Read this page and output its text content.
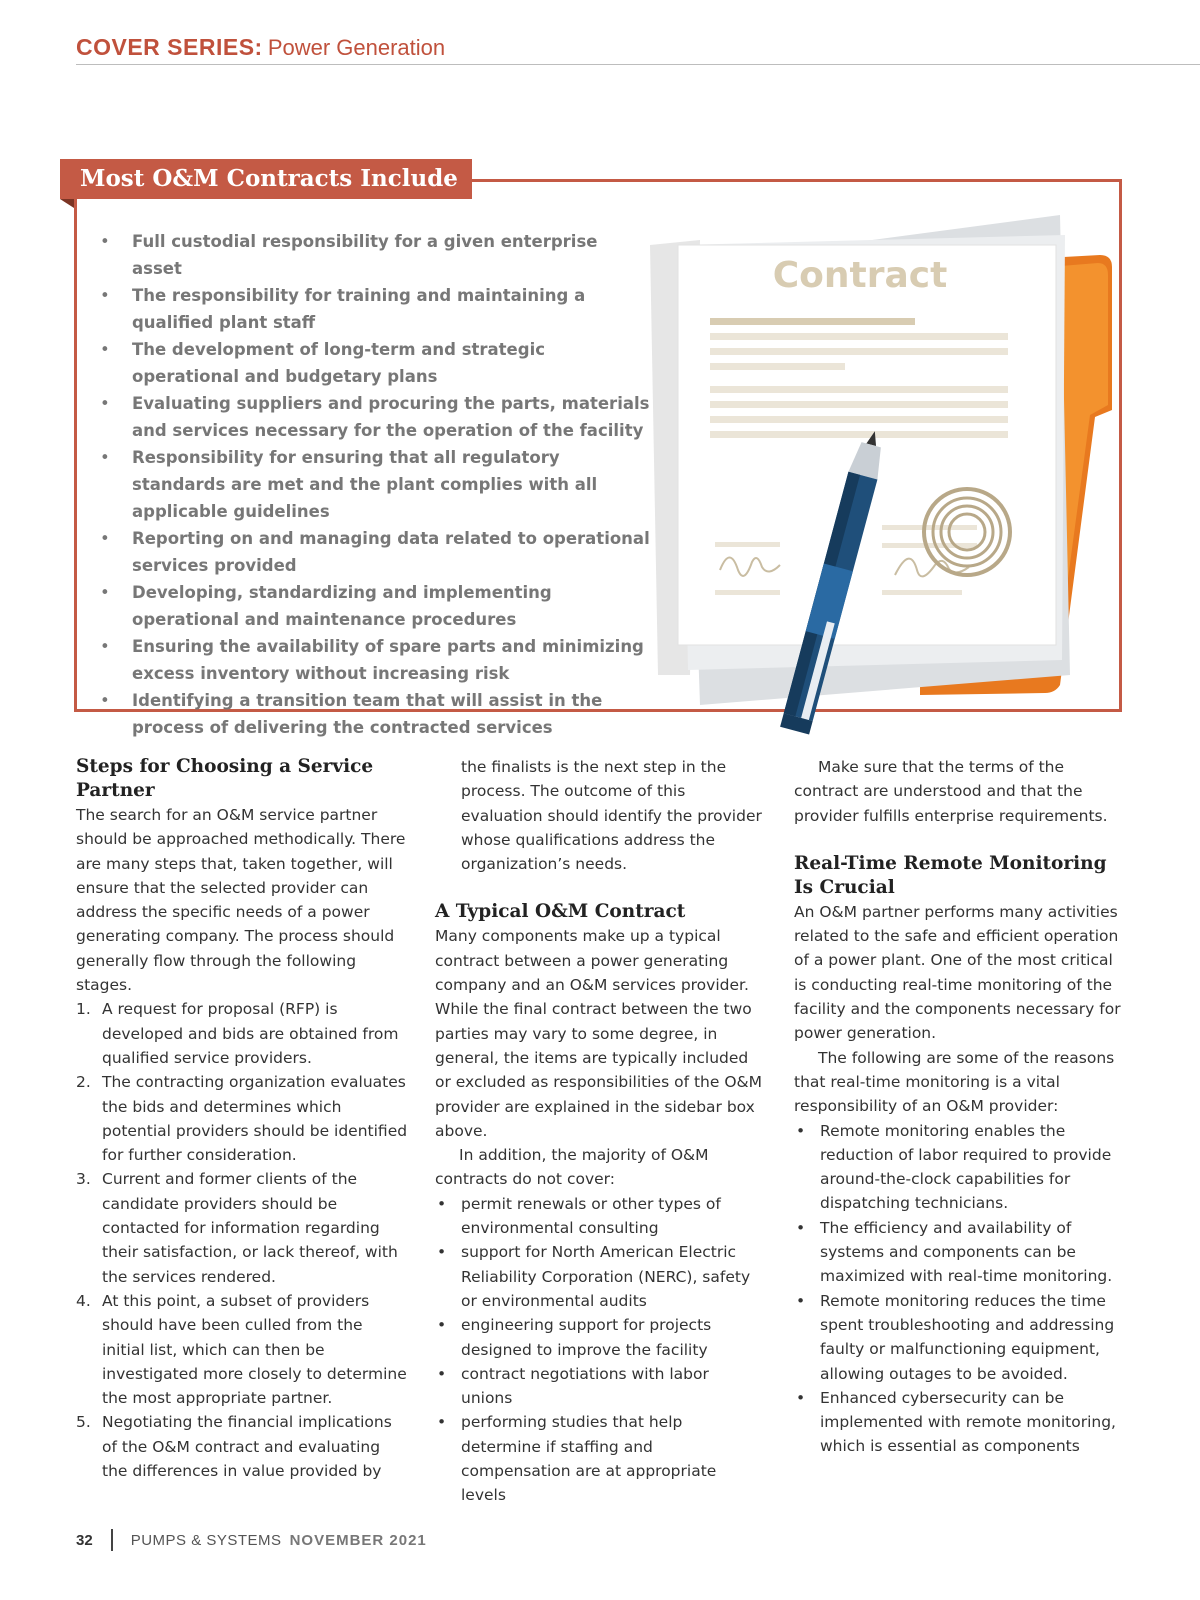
COVER SERIES: Power Generation
Most O&M Contracts Include
• Full custodial responsibility for a given enterprise asset
• The responsibility for training and maintaining a qualified plant staff
• The development of long-term and strategic operational and budgetary plans
• Evaluating suppliers and procuring the parts, materials and services necessary for the operation of the facility
• Responsibility for ensuring that all regulatory standards are met and the plant complies with all applicable guidelines
• Reporting on and managing data related to operational services provided
• Developing, standardizing and implementing operational and maintenance procedures
• Ensuring the availability of spare parts and minimizing excess inventory without increasing risk
• Identifying a transition team that will assist in the process of delivering the contracted services
Contract
Steps for Choosing a Service Partner

The search for an O&M service partner should be approached methodically. There are many steps that, taken together, will ensure that the selected provider can address the specific needs of a power generating company. The process should generally flow through the following stages.

1. A request for proposal (RFP) is developed and bids are obtained from qualified service providers.
2. The contracting organization evaluates the bids and determines which potential providers should be identified for further consideration.
3. Current and former clients of the candidate providers should be contacted for information regarding their satisfaction, or lack thereof, with the services rendered.
4. At this point, a subset of providers should have been culled from the initial list, which can then be investigated more closely to determine the most appropriate partner.
5. Negotiating the financial implications of the O&M contract and evaluating the differences in value provided by

the finalists is the next step in the process. The outcome of this evaluation should identify the provider whose qualifications address the organization’s needs.

A Typical O&M Contract

Many components make up a typical contract between a power generating company and an O&M services provider. While the final contract between the two parties may vary to some degree, in general, the items are typically included or excluded as responsibilities of the O&M provider are explained in the sidebar box above.

In addition, the majority of O&M contracts do not cover:

• permit renewals or other types of environmental consulting
• support for North American Electric Reliability Corporation (NERC), safety or environmental audits
• engineering support for projects designed to improve the facility
• contract negotiations with labor unions
• performing studies that help determine if staffing and compensation are at appropriate levels

Make sure that the terms of the contract are understood and that the provider fulfills enterprise requirements.

Real-Time Remote Monitoring
Is Crucial

An O&M partner performs many activities related to the safe and efficient operation of a power plant. One of the most critical is conducting real-time monitoring of the facility and the components necessary for power generation.

The following are some of the reasons that real-time monitoring is a vital responsibility of an O&M provider:

• Remote monitoring enables the reduction of labor required to provide around-the-clock capabilities for dispatching technicians.
• The efficiency and availability of systems and components can be maximized with real-time monitoring.
• Remote monitoring reduces the time spent troubleshooting and addressing faulty or malfunctioning equipment, allowing outages to be avoided.
• Enhanced cybersecurity can be implemented with remote monitoring, which is essential as components
32	PUMPS & SYSTEMS NOVEMBER 2021
